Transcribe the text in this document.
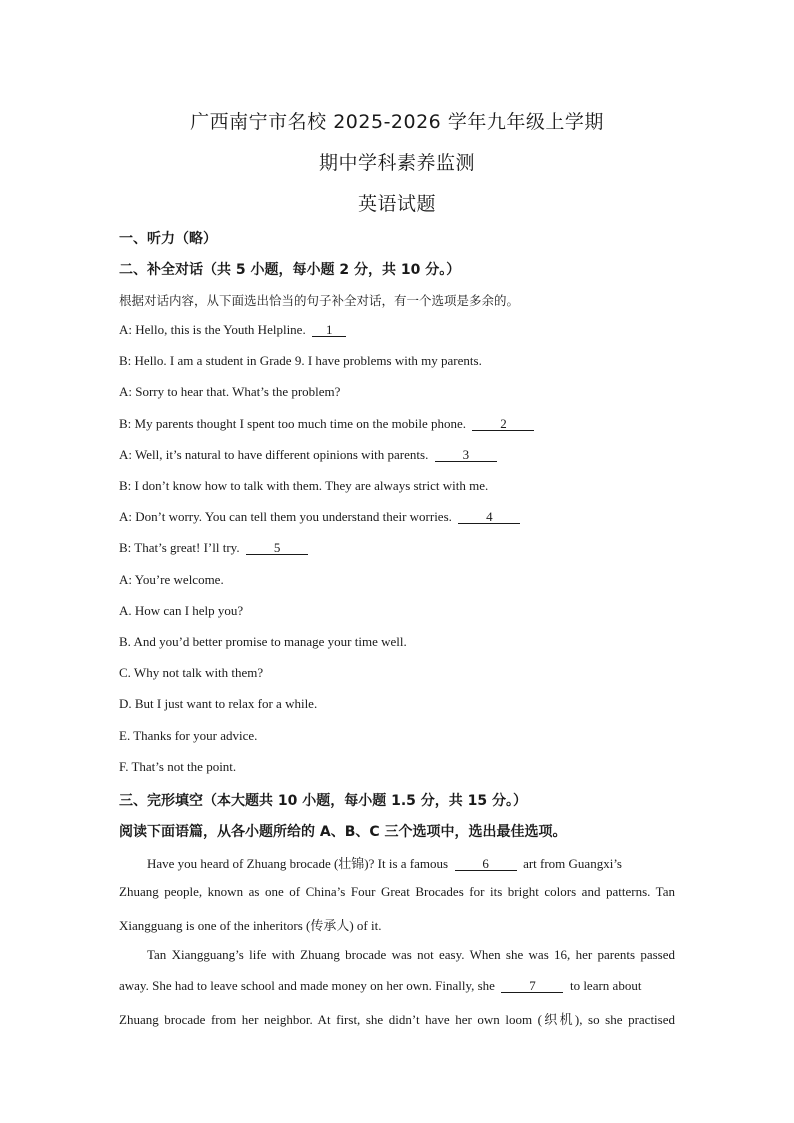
广西南宁市名校 2025-2026 学年九年级上学期
期中学科素养监测
英语试题
一、听力（略）
二、补全对话（共 5 小题，每小题 2 分，共 10 分。）
根据对话内容，从下面选出恰当的句子补全对话，有一个选项是多余的。
A: Hello, this is the Youth Helpline. 1
B: Hello. I am a student in Grade 9. I have problems with my parents.
A: Sorry to hear that. What’s the problem?
B: My parents thought I spent too much time on the mobile phone.	2
A: Well, it’s natural to have different opinions with parents.	3
B: I don’t know how to talk with them. They are always strict with me.
A: Don’t worry. You can tell them you understand their worries.	4
B: That’s great! I’ll try.	5
A: You’re welcome.
A. How can I help you?
B. And you’d better promise to manage your time well.
C. Why not talk with them?
D. But I just want to relax for a while.
E. Thanks for your advice.
F. That’s not the point.
三、完形填空（本大题共 10 小题，每小题 1.5 分，共 15 分。）
阅读下面语篇，从各小题所给的 A、B、C 三个选项中，选出最佳选项。
Have you heard of Zhuang brocade (壮锦)? It is a famous	6	art from Guangxi’s
Zhuang people, known as one of China’s Four Great Brocades for its bright colors and patterns. Tan
Xiangguang is one of the inheritors (传承人) of it.
Tan Xiangguang’s life with Zhuang brocade was not easy. When she was 16, her parents passed
away. She had to leave school and made money on her own. Finally, she	7	to learn about
Zhuang brocade from her neighbor. At first, she didn’t have her own loom (织机), so she practised
